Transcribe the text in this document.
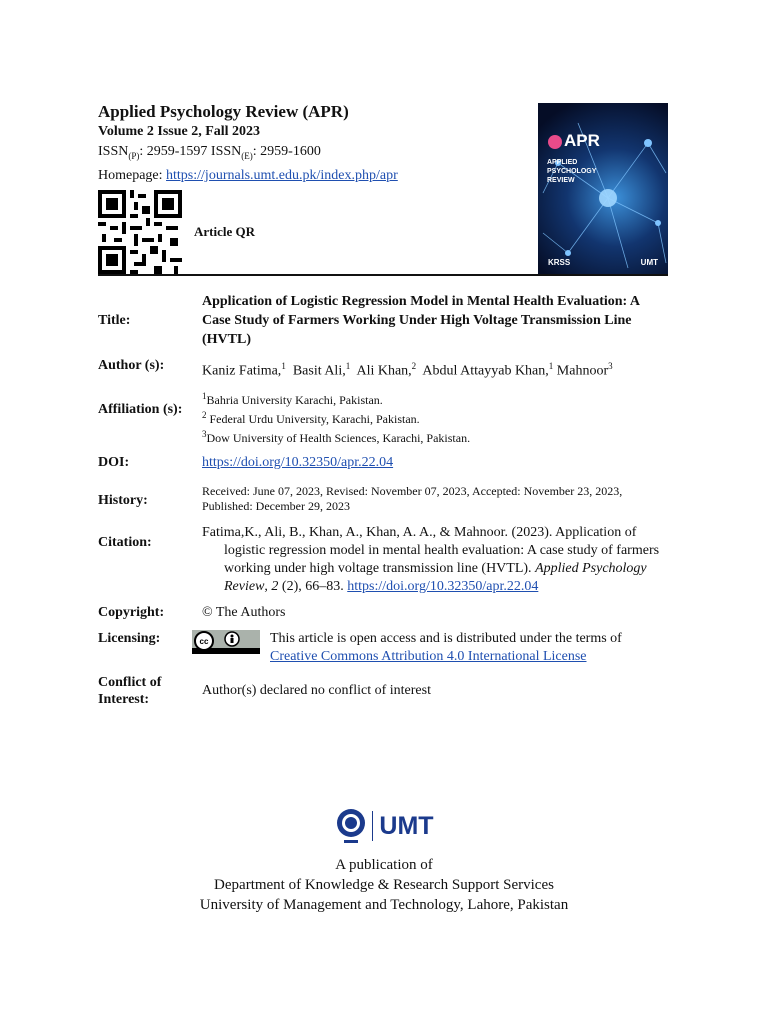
Applied Psychology Review (APR)
Volume 2 Issue 2, Fall 2023
$ISSN_{(P)}$: 2959-1597 $ISSN_{(E)}$: 2959-1600
Homepage: https://journals.umt.edu.pk/index.php/apr
Article QR
APR
APPLIED
PSYCHOLOGY
REVIEW
KRSS	UMT
Title:
Application of Logistic Regression Model in Mental Health Evaluation: A Case Study of Farmers Working Under High Voltage Transmission Line (HVTL)
Author (s):	Kaniz Fatima,$^1$ Basit Ali,$^1$ Ali Khan,$^2$ Abdul Attayyab Khan,$^1$ Mahnoor$^3$
Affiliation (s):
$^1$Bahria University Karachi, Pakistan.
$^2$ Federal Urdu University, Karachi, Pakistan.
$^3$Dow University of Health Sciences, Karachi, Pakistan.
DOI:	https://doi.org/10.32350/apr.22.04
History:
Received: June 07, 2023, Revised: November 07, 2023, Accepted: November 23, 2023, Published: December 29, 2023
Citation:
Fatima,K., Ali, B., Khan, A., Khan, A. A., & Mahnoor. (2023). Application of logistic regression model in mental health evaluation: A case study of farmers working under high voltage transmission line (HVTL). Applied Psychology Review, 2 (2), 66–83. https://doi.org/10.32350/apr.22.04
Copyright:	© The Authors
Licensing:	cc	This article is open access and is distributed under the terms of
Creative Commons Attribution 4.0 International License
Conflict of
Interest:
Author(s) declared no conflict of interest
UMT
A publication of
Department of Knowledge & Research Support Services
University of Management and Technology, Lahore, Pakistan
